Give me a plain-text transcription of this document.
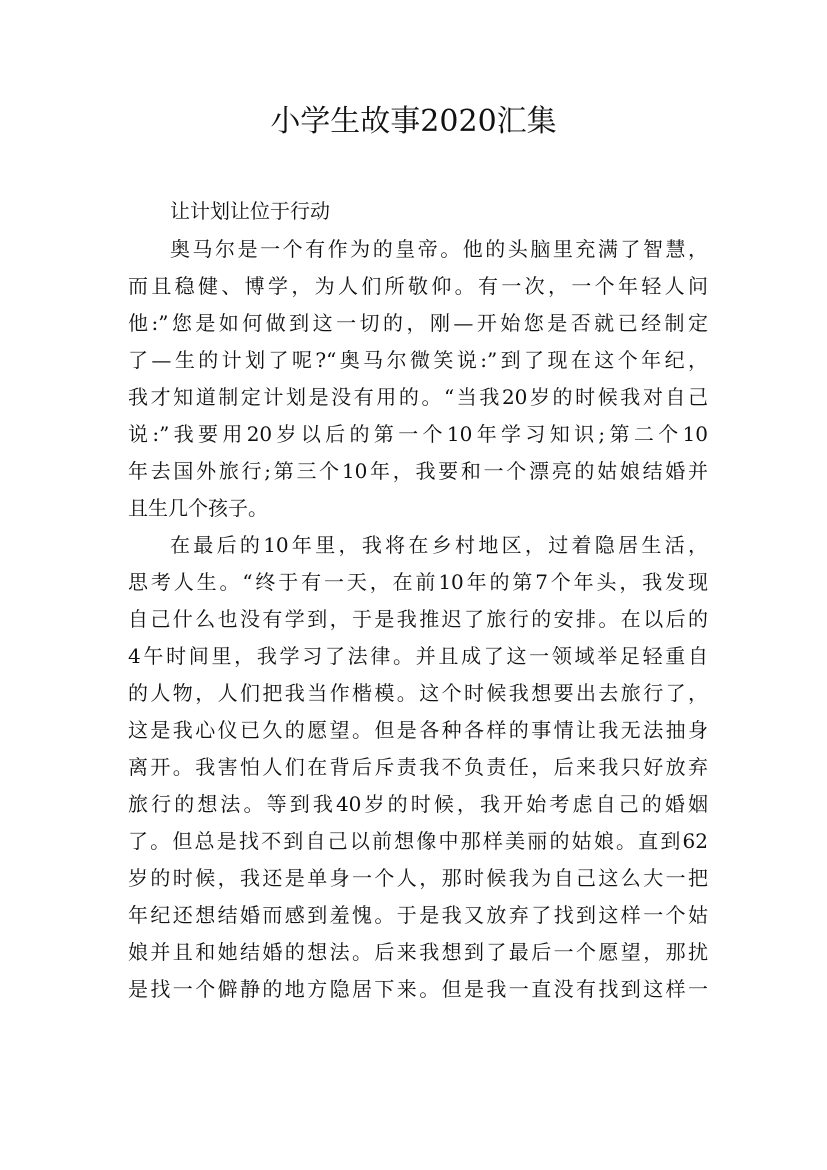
小学生故事2020汇集
让计划让位于行动
奥马尔是一个有作为的皇帝。他的头脑里充满了智慧，
而且稳健、博学，为人们所敬仰。有一次，一个年轻人问
他:”您是如何做到这一切的，刚—开始您是否就已经制定
了—生的计划了呢?“奥马尔微笑说:”到了现在这个年纪，
我才知道制定计划是没有用的。“当我20岁的时候我对自己
说:”我要用20岁以后的第一个10年学习知识;第二个10
年去国外旅行;第三个10年，我要和一个漂亮的姑娘结婚并
且生几个孩子。
在最后的10年里，我将在乡村地区，过着隐居生活，
思考人生。“终于有一天，在前10年的第7个年头，我发现
自己什么也没有学到，于是我推迟了旅行的安排。在以后的
4午时间里，我学习了法律。并且成了这一领域举足轻重自
的人物，人们把我当作楷模。这个时候我想要出去旅行了，
这是我心仪已久的愿望。但是各种各样的事情让我无法抽身
离开。我害怕人们在背后斥责我不负责任，后来我只好放弃
旅行的想法。等到我40岁的时候，我开始考虑自己的婚姻
了。但总是找不到自己以前想像中那样美丽的姑娘。直到62
岁的时候，我还是单身一个人，那时候我为自己这么大一把
年纪还想结婚而感到羞愧。于是我又放弃了找到这样一个姑
娘并且和她结婚的想法。后来我想到了最后一个愿望，那扰
是找一个僻静的地方隐居下来。但是我一直没有找到这样一
